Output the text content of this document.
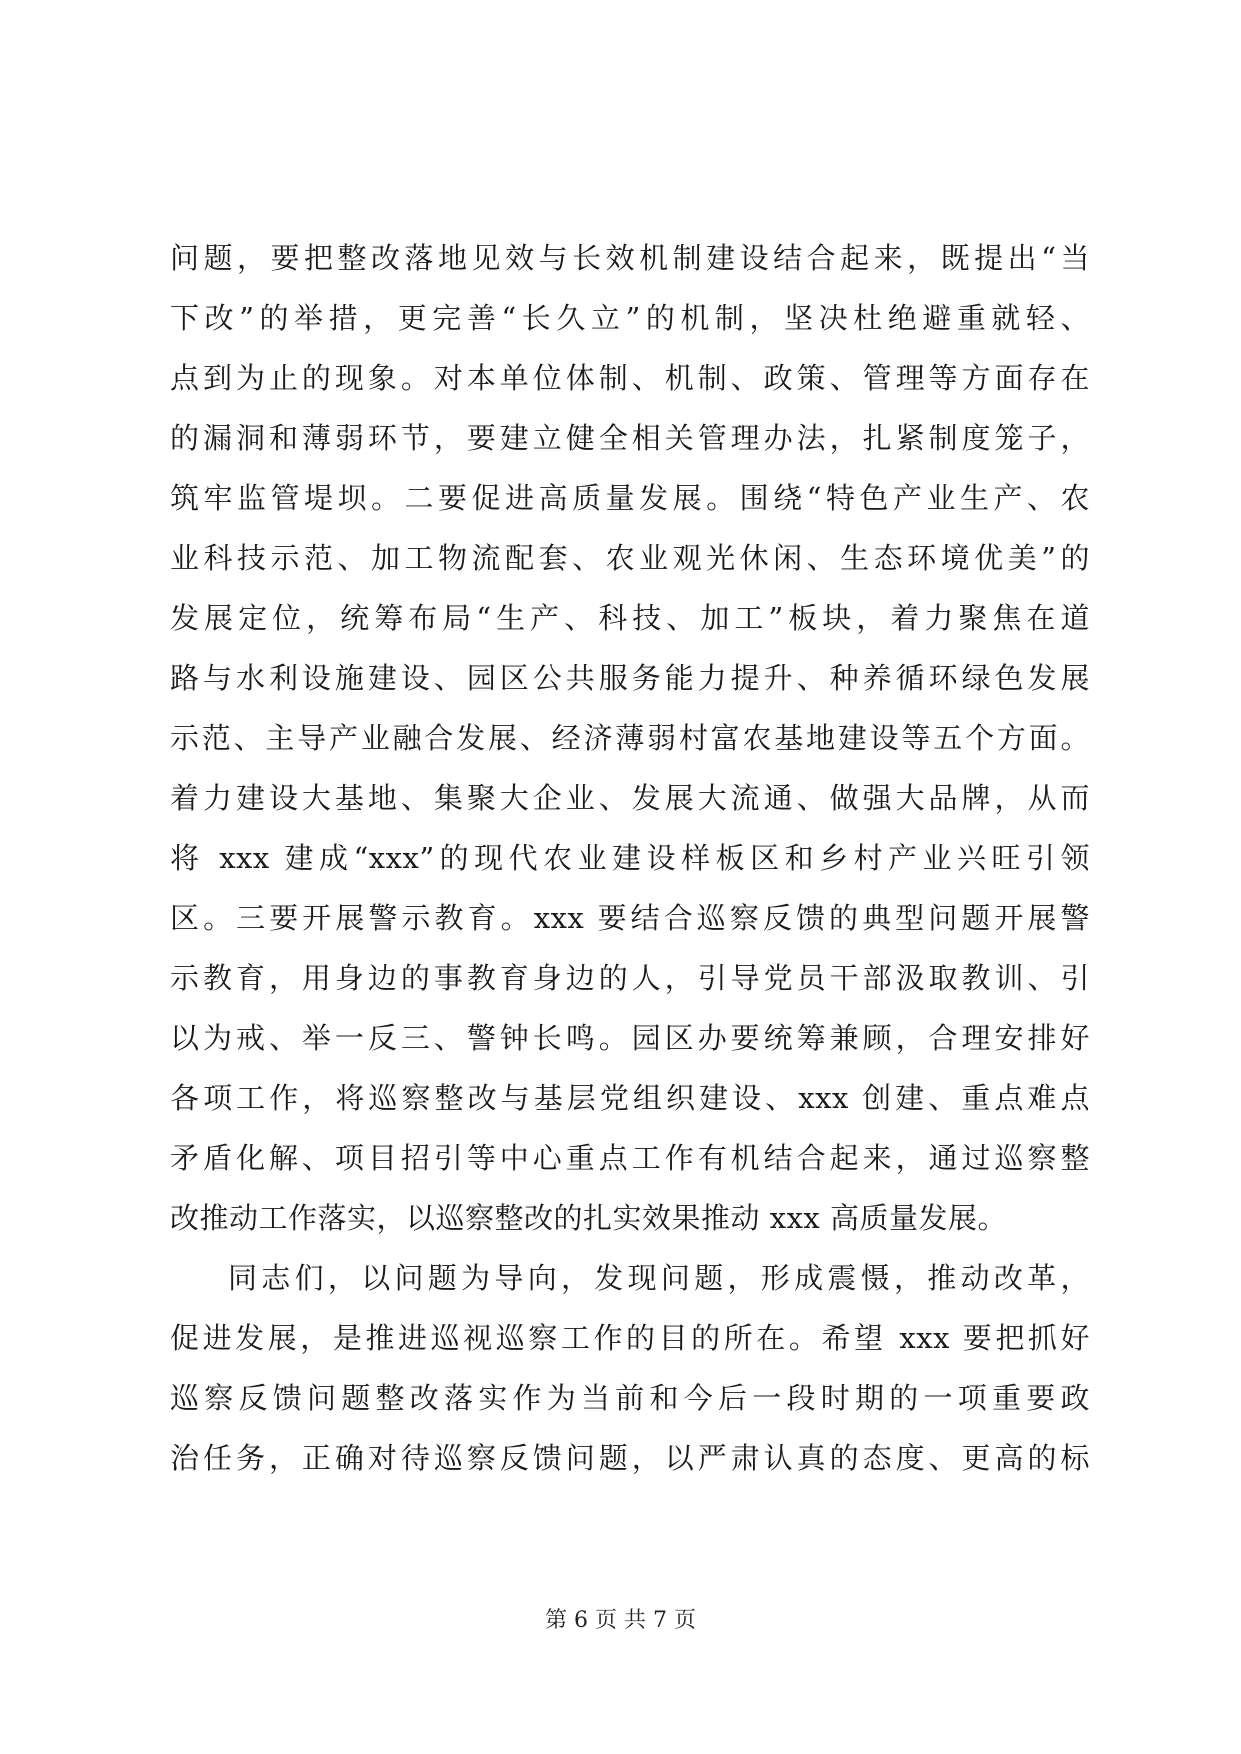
问题，要把整改落地见效与长效机制建设结合起来，既提出“当
下改”的举措，更完善“长久立”的机制，坚决杜绝避重就轻、
点到为止的现象。对本单位体制、机制、政策、管理等方面存在
的漏洞和薄弱环节，要建立健全相关管理办法，扎紧制度笼子，
筑牢监管堤坝。二要促进高质量发展。围绕“特色产业生产、农
业科技示范、加工物流配套、农业观光休闲、生态环境优美”的
发展定位，统筹布局“生产、科技、加工”板块，着力聚焦在道
路与水利设施建设、园区公共服务能力提升、种养循环绿色发展
示范、主导产业融合发展、经济薄弱村富农基地建设等五个方面。
着力建设大基地、集聚大企业、发展大流通、做强大品牌，从而
将 xxx 建成“xxx”的现代农业建设样板区和乡村产业兴旺引领
区。三要开展警示教育。xxx 要结合巡察反馈的典型问题开展警
示教育，用身边的事教育身边的人，引导党员干部汲取教训、引
以为戒、举一反三、警钟长鸣。园区办要统筹兼顾，合理安排好
各项工作，将巡察整改与基层党组织建设、xxx 创建、重点难点
矛盾化解、项目招引等中心重点工作有机结合起来，通过巡察整
改推动工作落实，以巡察整改的扎实效果推动 xxx 高质量发展。
同志们，以问题为导向，发现问题，形成震慑，推动改革，
促进发展，是推进巡视巡察工作的目的所在。希望 xxx 要把抓好
巡察反馈问题整改落实作为当前和今后一段时期的一项重要政
治任务，正确对待巡察反馈问题，以严肃认真的态度、更高的标
第 6 页 共 7 页
